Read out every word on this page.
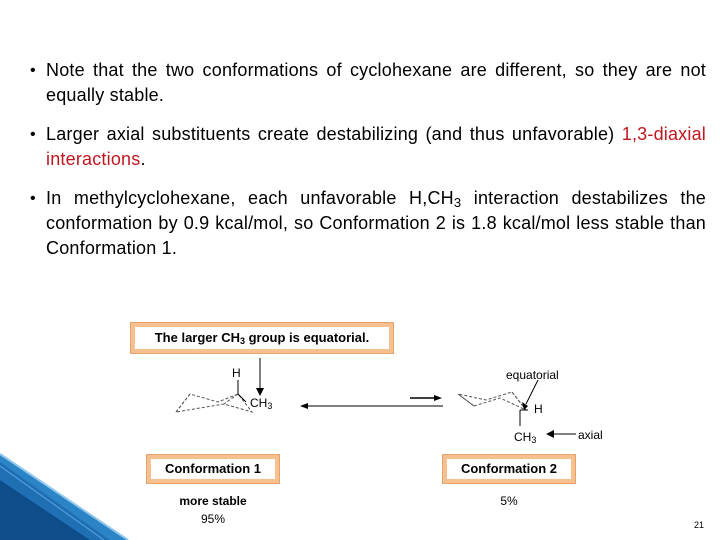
• Note that the two conformations of cyclohexane are different, so they are not equally stable.
• Larger axial substituents create destabilizing (and thus unfavorable) 1,3-diaxial interactions.
• In methylcyclohexane, each unfavorable $H,CH_3$ interaction destabilizes the conformation by 0.9 kcal/mol, so Conformation 2 is 1.8 kcal/mol less stable than Conformation 1.
The larger $CH_3$ group is equatorial.
H
$CH_3$
equatorial
H
$CH_3$	axial
Conformation 1	Conformation 2
more stable
95%
5%
21
